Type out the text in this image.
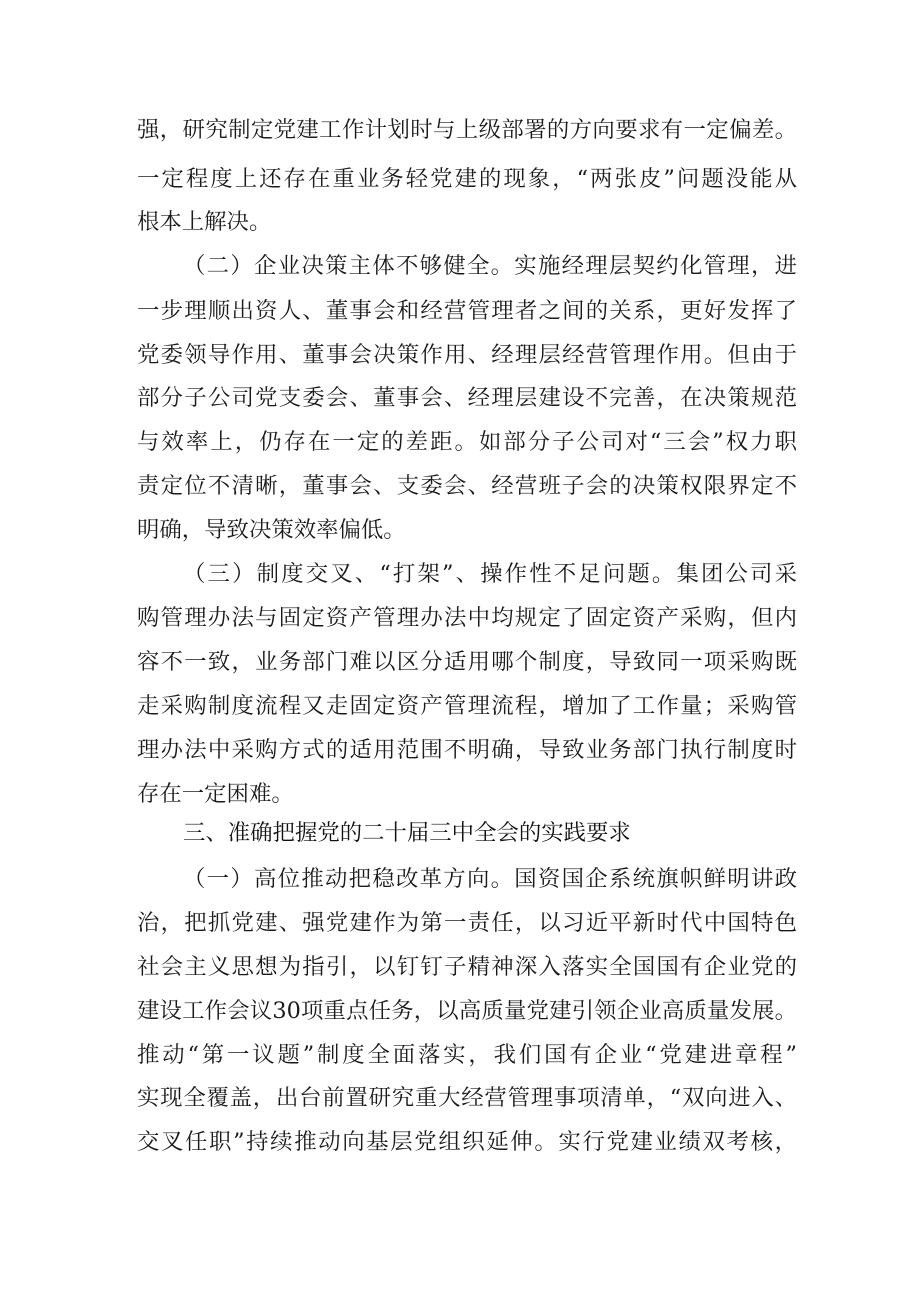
强，研究制定党建工作计划时与上级部署的方向要求有一定偏差。
一定程度上还存在重业务轻党建的现象，“两张皮”问题没能从
根本上解决。
（二）企业决策主体不够健全。实施经理层契约化管理，进
一步理顺出资人、董事会和经营管理者之间的关系，更好发挥了
党委领导作用、董事会决策作用、经理层经营管理作用。但由于
部分子公司党支委会、董事会、经理层建设不完善，在决策规范
与效率上，仍存在一定的差距。如部分子公司对“三会”权力职
责定位不清晰，董事会、支委会、经营班子会的决策权限界定不
明确，导致决策效率偏低。
（三）制度交叉、“打架”、操作性不足问题。集团公司采
购管理办法与固定资产管理办法中均规定了固定资产采购，但内
容不一致，业务部门难以区分适用哪个制度，导致同一项采购既
走采购制度流程又走固定资产管理流程，增加了工作量；采购管
理办法中采购方式的适用范围不明确，导致业务部门执行制度时
存在一定困难。
三、准确把握党的二十届三中全会的实践要求
（一）高位推动把稳改革方向。国资国企系统旗帜鲜明讲政
治，把抓党建、强党建作为第一责任，以习近平新时代中国特色
社会主义思想为指引，以钉钉子精神深入落实全国国有企业党的
建设工作会议30项重点任务，以高质量党建引领企业高质量发展。
推动“第一议题”制度全面落实，我们国有企业“党建进章程”
实现全覆盖，出台前置研究重大经营管理事项清单，“双向进入、
交叉任职”持续推动向基层党组织延伸。实行党建业绩双考核，
